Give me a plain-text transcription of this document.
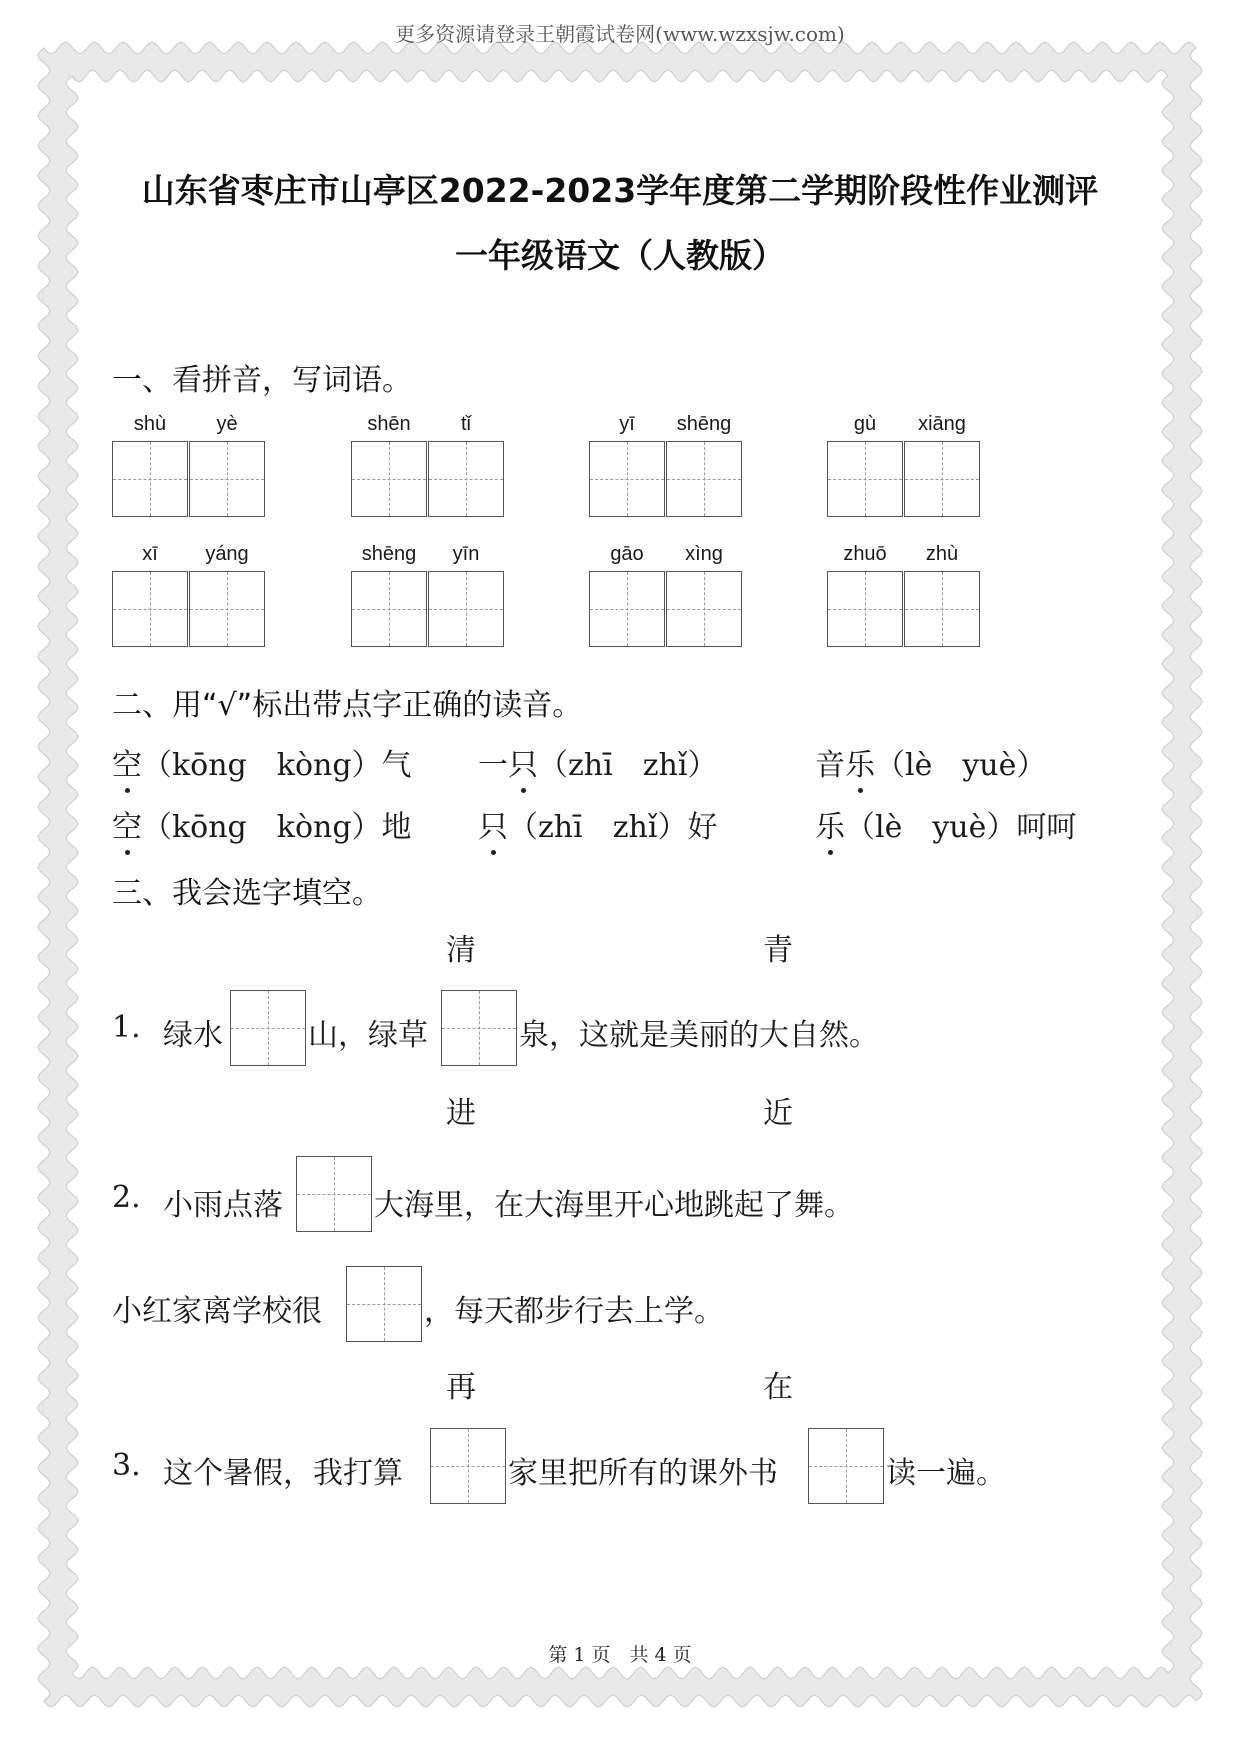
更多资源请登录王朝霞试卷网(www.wzxsjw.com)
山东省枣庄市山亭区2022-2023学年度第二学期阶段性作业测评
一年级语文（人教版）
一、看拼音，写词语。
shù	yè	shēn	tǐ	yī	shēng	gù	xiāng
xī	yáng	shēng	yīn	gāo	xìng	zhuō	zhù
二、用“√”标出带点字正确的读音。
空（kōng　kòng）气 一只（zhī　zhǐ）	音乐（lè　yuè）
空（kōng　kòng）地 只（zhī　zhǐ）好	乐（lè　yuè）呵呵
三、我会选字填空。
清	青
1. 绿水	山，绿草	泉，这就是美丽的大自然。
进	近
2. 小雨点落	大海里，在大海里开心地跳起了舞。
小红家离学校很	，每天都步行去上学。
再	在
3. 这个暑假，我打算	家里把所有的课外书	读一遍。
第 1 页　共 4 页
